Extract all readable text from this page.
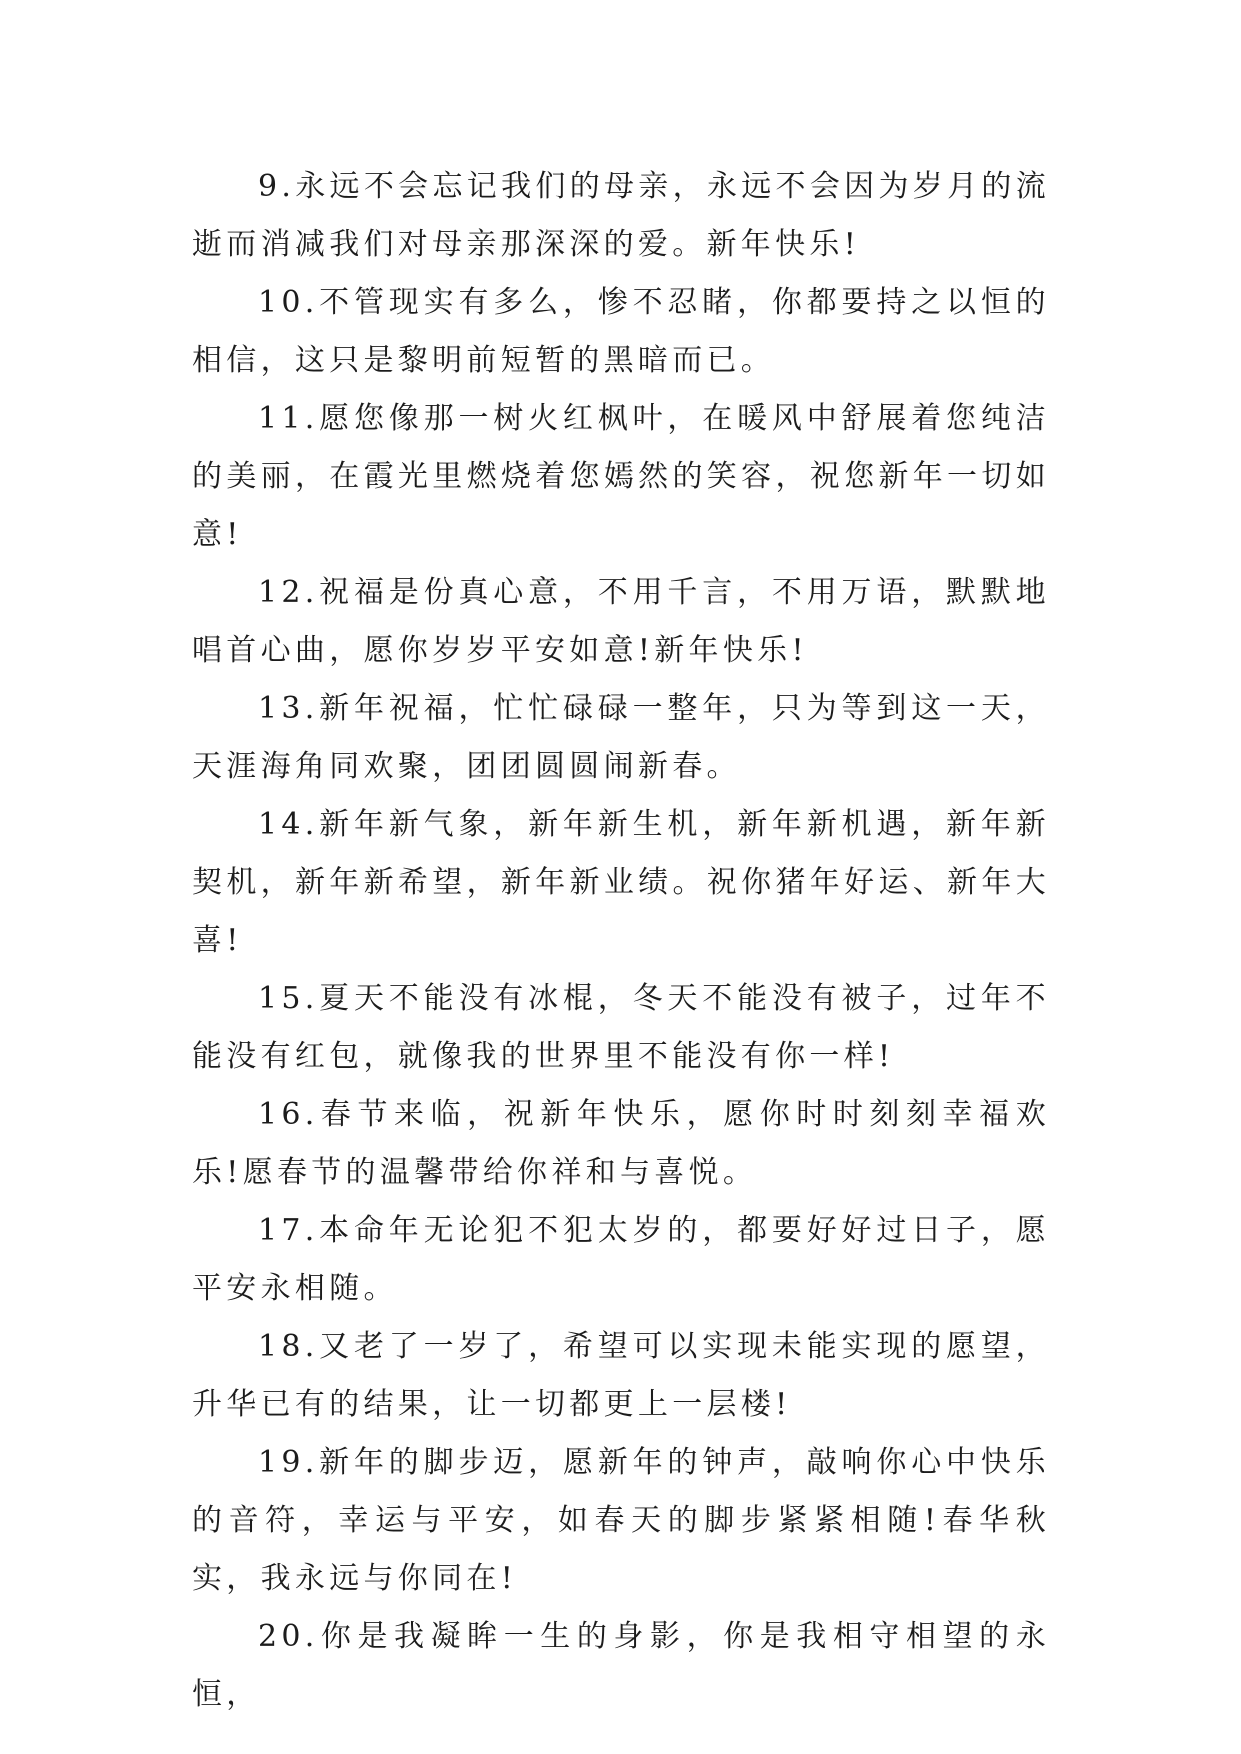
9.永远不会忘记我们的母亲，永远不会因为岁月的流逝而消减我们对母亲那深深的爱。新年快乐!

10.不管现实有多么，惨不忍睹，你都要持之以恒的相信，这只是黎明前短暂的黑暗而已。

11.愿您像那一树火红枫叶，在暖风中舒展着您纯洁的美丽，在霞光里燃烧着您嫣然的笑容，祝您新年一切如意!

12.祝福是份真心意，不用千言，不用万语，默默地唱首心曲，愿你岁岁平安如意!新年快乐!

13.新年祝福，忙忙碌碌一整年，只为等到这一天，天涯海角同欢聚，团团圆圆闹新春。

14.新年新气象，新年新生机，新年新机遇，新年新契机，新年新希望，新年新业绩。祝你猪年好运、新年大喜!

15.夏天不能没有冰棍，冬天不能没有被子，过年不能没有红包，就像我的世界里不能没有你一样!

16.春节来临，祝新年快乐，愿你时时刻刻幸福欢乐!愿春节的温馨带给你祥和与喜悦。

17.本命年无论犯不犯太岁的，都要好好过日子，愿平安永相随。

18.又老了一岁了，希望可以实现未能实现的愿望，升华已有的结果，让一切都更上一层楼!

19.新年的脚步迈，愿新年的钟声，敲响你心中快乐的音符，幸运与平安，如春天的脚步紧紧相随!春华秋实，我永远与你同在!

20.你是我凝眸一生的身影，你是我相守相望的永恒，
